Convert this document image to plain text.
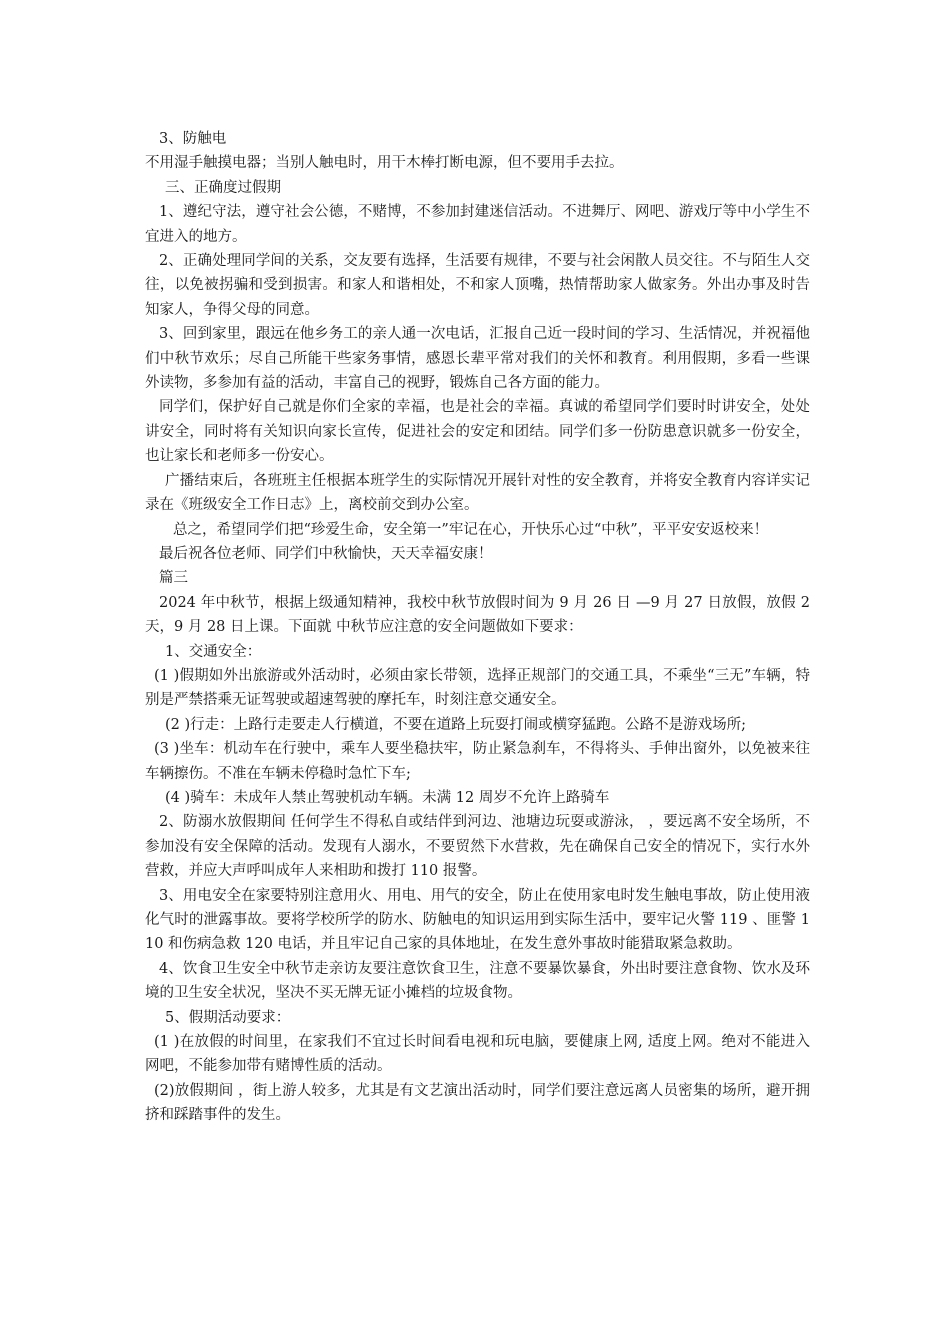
3、防触电

不用湿手触摸电器；当别人触电时，用干木棒打断电源，但不要用手去拉。

三、正确度过假期

1、遵纪守法，遵守社会公德，不赌博，不参加封建迷信活动。不进舞厅、网吧、游戏厅等中小学生不宜进入的地方。

2、正确处理同学间的关系，交友要有选择，生活要有规律，不要与社会闲散人员交往。不与陌生人交往，以免被拐骗和受到损害。和家人和谐相处，不和家人顶嘴，热情帮助家人做家务。外出办事及时告知家人，争得父母的同意。

3、回到家里，跟远在他乡务工的亲人通一次电话，汇报自己近一段时间的学习、生活情况，并祝福他们中秋节欢乐；尽自己所能干些家务事情，感恩长辈平常对我们的关怀和教育。利用假期，多看一些课外读物，多参加有益的活动，丰富自己的视野，锻炼自己各方面的能力。

同学们，保护好自己就是你们全家的幸福，也是社会的幸福。真诚的希望同学们要时时讲安全，处处讲安全，同时将有关知识向家长宣传，促进社会的安定和团结。同学们多一份防患意识就多一份安全，也让家长和老师多一份安心。

广播结束后，各班班主任根据本班学生的实际情况开展针对性的安全教育，并将安全教育内容详实记录在《班级安全工作日志》上，离校前交到办公室。

总之，希望同学们把“珍爱生命，安全第一”牢记在心，开快乐心过“中秋”，平平安安返校来！

最后祝各位老师、同学们中秋愉快，天天幸福安康！

篇三

2024 年中秋节，根据上级通知精神，我校中秋节放假时间为 9 月 26 日 —9 月 27 日放假，放假 2 天，9 月 28 日上课。下面就 中秋节应注意的安全问题做如下要求：

1、交通安全：

(1 )假期如外出旅游或外活动时，必须由家长带领，选择正规部门的交通工具，不乘坐“三无”车辆，特别是严禁搭乘无证驾驶或超速驾驶的摩托车，时刻注意交通安全。

(2 )行走：上路行走要走人行横道，不要在道路上玩耍打闹或横穿猛跑。公路不是游戏场所;

(3 )坐车：机动车在行驶中，乘车人要坐稳扶牢，防止紧急刹车，不得将头、手伸出窗外，以免被来往车辆擦伤。不准在车辆未停稳时急忙下车;

(4 )骑车：未成年人禁止驾驶机动车辆。未满 12 周岁不允许上路骑车

2、防溺水放假期间 任何学生不得私自或结伴到河边、池塘边玩耍或游泳， ，要远离不安全场所，不参加没有安全保障的活动。发现有人溺水，不要贸然下水营救，先在确保自己安全的情况下，实行水外营救，并应大声呼叫成年人来相助和拨打 110 报警。

3、用电安全在家要特别注意用火、用电、用气的安全，防止在使用家电时发生触电事故，防止使用液化气时的泄露事故。要将学校所学的防水、防触电的知识运用到实际生活中，要牢记火警 119 、匪警 110 和伤病急救 120 电话，并且牢记自己家的具体地址，在发生意外事故时能猎取紧急救助。

4、饮食卫生安全中秋节走亲访友要注意饮食卫生，注意不要暴饮暴食，外出时要注意食物、饮水及环境的卫生安全状况，坚决不买无牌无证小摊档的垃圾食物。

5、假期活动要求：

(1 )在放假的时间里，在家我们不宜过长时间看电视和玩电脑，要健康上网, 适度上网。绝对不能进入网吧，不能参加带有赌博性质的活动。

(2)放假期间 ，街上游人较多，尤其是有文艺演出活动时，同学们要注意远离人员密集的场所，避开拥挤和踩踏事件的发生。
